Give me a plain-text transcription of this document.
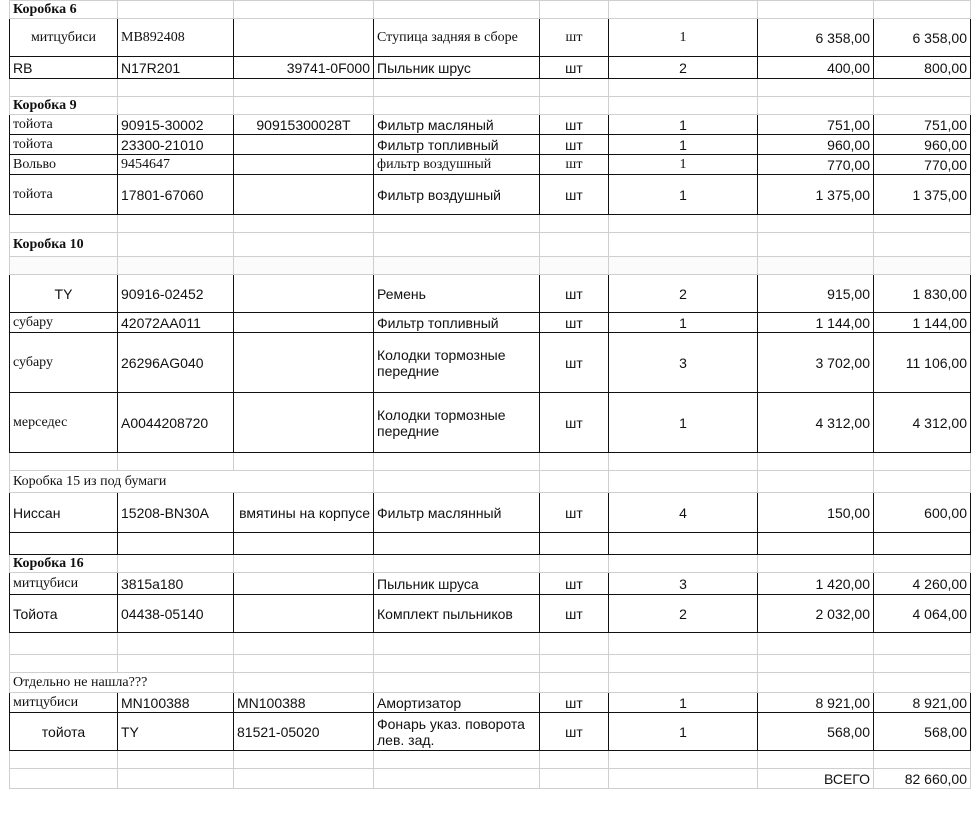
Коробка 6							
митцубиси	MB892408		Ступица задняя в сборе	шт	1	6 358,00	6 358,00
RB	N17R201	39741-0F000	Пыльник шрус	шт	2	400,00	800,00

Коробка 9							
тойота	90915-30002	90915300028T	Фильтр масляный	шт	1	751,00	751,00
тойота	23300-21010		Фильтр топливный	шт	1	960,00	960,00
Вольво	9454647		фильтр воздушный	шт	1	770,00	770,00
тойота	17801-67060		Фильтр воздушный	шт	1	1 375,00	1 375,00

Коробка 10							

TY	90916-02452		Ремень	шт	2	915,00	1 830,00
субару	42072AA011		Фильтр топливный	шт	1	1 144,00	1 144,00
субару	26296AG040		Колодки тормозные передние	шт	3	3 702,00	11 106,00
мерседес	A0044208720		Колодки тормозные передние	шт	1	4 312,00	4 312,00

Коробка 15 из под бумаги							
Ниссан	15208-BN30A	вмятины на корпусе	Фильтр маслянный	шт	4	150,00	600,00

Коробка 16							
митцубиси	3815a180		Пыльник шруса	шт	3	1 420,00	4 260,00
Тойота	04438-05140		Комплект пыльников	шт	2	2 032,00	4 064,00

Отдельно не нашла???							
митцубиси	MN100388	MN100388	Амортизатор	шт	1	8 921,00	8 921,00
тойота	TY	81521-05020	Фонарь указ. поворота лев. зад.	шт	1	568,00	568,00

						ВСЕГО	82 660,00
